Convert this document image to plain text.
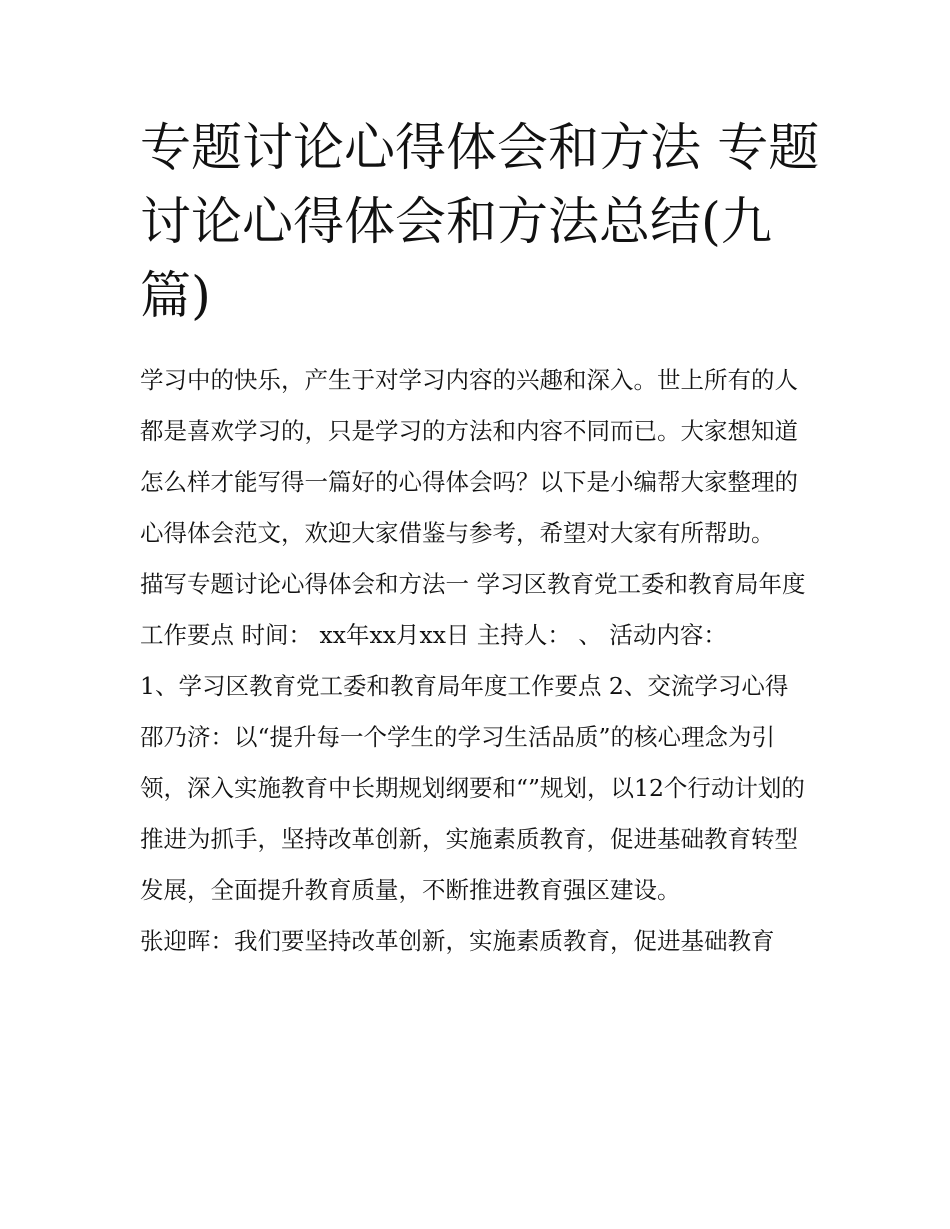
专题讨论心得体会和方法 专题讨论心得体会和方法总结(九篇)

学习中的快乐，产生于对学习内容的兴趣和深入。世上所有的人都是喜欢学习的，只是学习的方法和内容不同而已。大家想知道怎么样才能写得一篇好的心得体会吗？以下是小编帮大家整理的心得体会范文，欢迎大家借鉴与参考，希望对大家有所帮助。

描写专题讨论心得体会和方法一 学习区教育党工委和教育局年度工作要点 时间： xx年xx月xx日 主持人： 、 活动内容：

1、学习区教育党工委和教育局年度工作要点 2、交流学习心得

邵乃济：以“提升每一个学生的学习生活品质”的核心理念为引领，深入实施教育中长期规划纲要和“”规划，以12个行动计划的推进为抓手，坚持改革创新，实施素质教育，促进基础教育转型发展，全面提升教育质量，不断推进教育强区建设。

张迎晖：我们要坚持改革创新，实施素质教育，促进基础教育
